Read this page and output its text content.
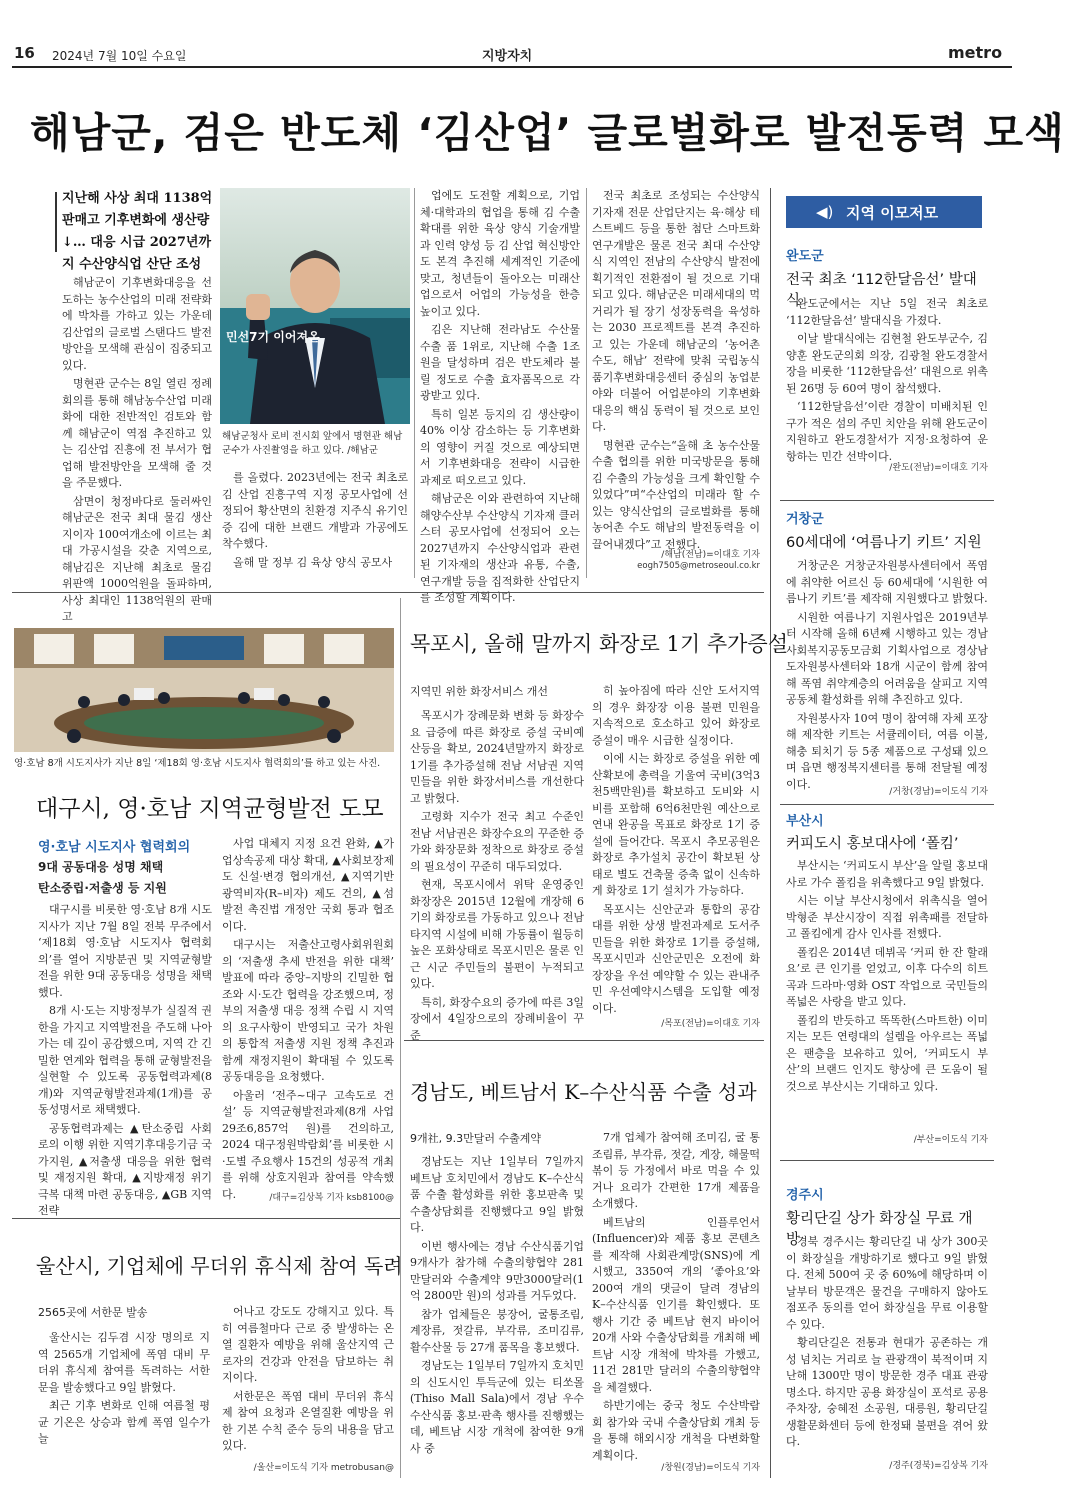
16 2024년 7월 10일 수요일	지방자치	metro
해남군, 검은 반도체 ‘김산업’ 글로벌화로 발전동력 모색
지난해 사상 최대 1138억 판매고 기후변화에 생산량↓… 대응 시급 2027년까지 수산양식업 산단 조성

해남군이 기후변화대응을 선도하는 농수산업의 미래 전략화에 박차를 가하고 있는 가운데 김산업의 글로벌 스탠다드 발전방안을 모색해 관심이 집중되고 있다.

명현관 군수는 8일 열린 정례회의를 통해 해남농수산업 미래화에 대한 전반적인 검토와 함께 해남군이 역점 추진하고 있는 김산업 진흥에 전 부서가 협업해 발전방안을 모색해 줄 것을 주문했다.

삼면이 청정바다로 둘러싸인 해남군은 전국 최대 물김 생산지이자 100여개소에 이르는 최대 가공시설을 갖춘 지역으로, 해남김은 지난해 최초로 물김 위판액 1000억원을 돌파하며, 사상 최대인 1138억원의 판매고

민선7기 이어져온
해남군청사 로비 전시회 앞에서 명현관 해남군수가 사진촬영을 하고 있다. /해남군

를 올렸다. 2023년에는 전국 최초로 김 산업 진흥구역 지정 공모사업에 선정되어 황산면의 친환경 지주식 유기인증 김에 대한 브랜드 개발과 가공에도 착수했다.

올해 말 정부 김 육상 양식 공모사

업에도 도전할 계획으로, 기업체·대학과의 협업을 통해 김 수출 확대를 위한 육상 양식 기술개발과 인력 양성 등 김 산업 혁신방안도 본격 추진해 세계적인 기준에 맞고, 청년들이 돌아오는 미래산업으로서 어업의 가능성을 한층 높이고 있다.

김은 지난해 전라남도 수산물 수출 품 1위로, 지난해 수출 1조원을 달성하며 검은 반도체라 불릴 정도로 수출 효자품목으로 각광받고 있다.

특히 일본 등지의 김 생산량이 40% 이상 감소하는 등 기후변화의 영향이 커질 것으로 예상되면서 기후변화대응 전략이 시급한 과제로 떠오르고 있다.

해남군은 이와 관련하여 지난해 해양수산부 수산양식 기자재 클러스터 공모사업에 선정되어 오는 2027년까지 수산양식업과 관련된 기자재의 생산과 유통, 수출, 연구개발 등을 집적화한 산업단지를 조성할 계획이다.

전국 최초로 조성되는 수산양식 기자재 전문 산업단지는 육·해상 테스트베드 등을 통한 첨단 스마트화 연구개발은 물론 전국 최대 수산양식 지역인 전남의 수산양식 발전에 획기적인 전환점이 될 것으로 기대되고 있다. 해남군은 미래세대의 먹거리가 될 장기 성장동력을 육성하는 2030 프로젝트를 본격 추진하고 있는 가운데 해남군의 ‘농어촌 수도, 해남’ 전략에 맞춰 국립농식품기후변화대응센터 중심의 농업분야와 더불어 어업분야의 기후변화대응의 핵심 동력이 될 것으로 보인다.

명현관 군수는“올해 초 농수산물 수출 협의를 위한 미국방문을 통해 김 수출의 가능성을 크게 확인할 수 있었다”며“수산업의 미래라 할 수 있는 양식산업의 글로벌화를 통해 농어촌 수도 해남의 발전동력을 이끌어내겠다”고 전했다.

/해남(전남)=이대호 기자
eogh7505@metroseoul.co.kr
◀) 지역 이모저모
완도군
전국 최초 ‘112한달음선’ 발대식

완도군에서는 지난 5일 전국 최초로 ‘112한달음선’ 발대식을 가졌다.

이날 발대식에는 김현철 완도부군수, 김양훈 완도군의회 의장, 김광철 완도경찰서장을 비롯한 ‘112한달음선’ 대원으로 위촉된 26명 등 60여 명이 참석했다.

‘112한달음선’이란 경찰이 미배치된 인구가 적은 섬의 주민 치안을 위해 완도군이 지원하고 완도경찰서가 지정·요청하여 운항하는 민간 선박이다.

/완도(전남)=이대호 기자
거창군
60세대에 ‘여름나기 키트’ 지원

거창군은 거창군자원봉사센터에서 폭염에 취약한 어르신 등 60세대에 ‘시원한 여름나기 키트’를 제작해 지원했다고 밝혔다.

시원한 여름나기 지원사업은 2019년부터 시작해 올해 6년째 시행하고 있는 경남사회복지공동모금회 기획사업으로 경상남도자원봉사센터와 18개 시군이 함께 참여해 폭염 취약계층의 어려움을 살피고 지역 공동체 활성화를 위해 추진하고 있다.

자원봉사자 10여 명이 참여해 자체 포장해 제작한 키트는 서큘레이터, 여름 이불, 해충 퇴치기 등 5종 제품으로 구성돼 있으며 읍면 행정복지센터를 통해 전달될 예정이다.

/거창(경남)=이도식 기자
부산시
커피도시 홍보대사에 ‘폴킴’

부산시는 ‘커피도시 부산’을 알릴 홍보대사로 가수 폴킴을 위촉했다고 9일 밝혔다.

시는 이날 부산시청에서 위촉식을 열어 박형준 부산시장이 직접 위촉패를 전달하고 폴킴에게 감사 인사를 전했다.

폴킴은 2014년 데뷔곡 ‘커피 한 잔 할래요’로 큰 인기를 얻었고, 이후 다수의 히트곡과 드라마·영화 OST 작업으로 국민들의 폭넓은 사랑을 받고 있다.

폴킴의 반듯하고 똑똑한(스마트한) 이미지는 모든 연령대의 설렘을 아우르는 폭넓은 팬층을 보유하고 있어, ‘커피도시 부산’의 브랜드 인지도 향상에 큰 도움이 될 것으로 부산시는 기대하고 있다.

/부산=이도식 기자
경주시
황리단길 상가 화장실 무료 개방

경북 경주시는 황리단길 내 상가 300곳이 화장실을 개방하기로 했다고 9일 밝혔다. 전체 500여 곳 중 60%에 해당하며 이날부터 방문객은 물건을 구매하지 않아도 점포주 동의를 얻어 화장실을 무료 이용할 수 있다.

황리단길은 전통과 현대가 공존하는 개성 넘치는 거리로 늘 관광객이 북적이며 지난해 1300만 명이 방문한 경주 대표 관광명소다. 하지만 공용 화장실이 포석로 공용주차장, 숭혜전 소공원, 대릉원, 황리단길 생활문화센터 등에 한정돼 불편을 겪어 왔다.

/경주(경북)=김상복 기자
영·호남 8개 시도지사가 지난 8일 ‘제18회 영·호남 시도지사 협력회의’를 하고 있는 사진.
대구시, 영·호남 지역균형발전 도모
영·호남 시도지사 협력회의
9대 공동대응 성명 채택
탄소중립·저출생 등 지원

대구시를 비롯한 영·호남 8개 시도지사가 지난 7월 8일 전북 무주에서 ‘제18회 영·호남 시도지사 협력회의’를 열어 지방분권 및 지역균형발전을 위한 9대 공동대응 성명을 채택했다.

8개 시·도는 지방정부가 실질적 권한을 가지고 지역발전을 주도해 나아가는 데 깊이 공감했으며, 지역 간 긴밀한 연계와 협력을 통해 균형발전을 실현할 수 있도록 공동협력과제(8개)와 지역균형발전과제(1개)를 공동성명서로 채택했다.

공동협력과제는 ▲탄소중립 사회로의 이행 위한 지역기후대응기금 국가지원, ▲저출생 대응을 위한 협력 및 재정지원 확대, ▲지방재정 위기 극복 대책 마련 공동대응, ▲GB 지역전략

사업 대체지 지정 요건 완화, ▲가업상속공제 대상 확대, ▲사회보장제도 신설·변경 협의개선, ▲지역기반 광역비자(R–비자) 제도 건의, ▲섬 발전 촉진법 개정안 국회 통과 협조이다.

대구시는 저출산고령사회위원회의 ‘저출생 추세 반전을 위한 대책’ 발표에 따라 중앙–지방의 긴밀한 협조와 시·도간 협력을 강조했으며, 정부의 저출생 대응 정책 수립 시 지역의 요구사항이 반영되고 국가 차원의 통합적 저출생 지원 정책 추진과 함께 재정지원이 확대될 수 있도록 공동대응을 요청했다.

아울러 ‘전주~대구 고속도로 건설’ 등 지역균형발전과제(8개 사업 29조6,857억 원)를 건의하고, 2024 대구정원박람회’를 비롯한 시·도별 주요행사 15건의 성공적 개최를 위해 상호지원과 참여를 약속했다.	/대구=김상복 기자 ksb8100@
목포시, 올해 말까지 화장로 1기 추가증설
지역민 위한 화장서비스 개선

목포시가 장례문화 변화 등 화장수요 급증에 따른 화장로 증설 국비예산등을 확보, 2024년말까지 화장로 1기를 추가증설해 전남 서남권 지역민들을 위한 화장서비스를 개선한다고 밝혔다.

고령화 지수가 전국 최고 수준인 전남 서남권은 화장수요의 꾸준한 증가와 화장문화 정착으로 화장로 증설의 필요성이 꾸준히 대두되었다.

현재, 목포시에서 위탁 운영중인 화장장은 2015년 12월에 개장해 6기의 화장로를 가동하고 있으나 전남 타지역 시설에 비해 가동률이 월등히 높은 포화상태로 목포시민은 물론 인근 시군 주민들의 불편이 누적되고 있다.

특히, 화장수요의 증가에 따른 3일장에서 4일장으로의 장례비율이 꾸준

히 높아짐에 따라 신안 도서지역의 경우 화장장 이용 불편 민원을 지속적으로 호소하고 있어 화장로 증설이 매우 시급한 실정이다.

이에 시는 화장로 증설을 위한 예산확보에 총력을 기울여 국비(3억3천5백만원)를 확보하고 도비와 시비를 포함해 6억6천만원 예산으로 연내 완공을 목표로 화장로 1기 증설에 들어간다. 목포시 추모공원은 화장로 추가설치 공간이 확보된 상태로 별도 건축물 증축 없이 신속하게 화장로 1기 설치가 가능하다.

목포시는 신안군과 통합의 공감대를 위한 상생 발전과제로 도서주민들을 위한 화장로 1기를 증설해, 목포시민과 신안군민은 오전에 화장장을 우선 예약할 수 있는 관내주민 우선예약시스템을 도입할 예정이다.

/목포(전남)=이대호 기자
경남도, 베트남서 K–수산식품 수출 성과
9개社, 9.3만달러 수출계약

경남도는 지난 1일부터 7일까지 베트남 호치민에서 경남도 K–수산식품 수출 활성화를 위한 홍보판촉 및 수출상담회를 진행했다고 9일 밝혔다.

이번 행사에는 경남 수산식품기업 9개사가 참가해 수출의향협약 281만달러와 수출계약 9만3000달러(1억 2800만 원)의 성과를 거두었다.

참가 업체들은 붕장어, 굴통조림, 계장류, 젓갈류, 부각류, 조미김류, 활수산물 등 27개 품목을 홍보했다.

경남도는 1일부터 7일까지 호치민의 신도시인 투득군에 있는 티쏘몰(Thiso Mall Sala)에서 경남 우수 수산식품 홍보·판촉 행사를 진행했는데, 베트남 시장 개척에 참여한 9개 사 중

7개 업체가 참여해 조미김, 굴 통조림류, 부각류, 젓갈, 게장, 해물떡볶이 등 가정에서 바로 먹을 수 있거나 요리가 간편한 17개 제품을 소개했다.

베트남의 인플루언서(Influencer)와 제품 홍보 콘텐츠를 제작해 사회관계망(SNS)에 게시했고, 3350여 개의 ‘좋아요’와 200여 개의 댓글이 달려 경남의 K–수산식품 인기를 확인했다. 또 행사 기간 중 베트남 현지 바이어 20개 사와 수출상담회를 개최해 베트남 시장 개척에 박차를 가했고, 11건 281만 달러의 수출의향협약을 체결했다.

하반기에는 중국 청도 수산박람회 참가와 국내 수출상담회 개최 등을 통해 해외시장 개척을 다변화할 계획이다.

/창원(경남)=이도식 기자
울산시, 기업체에 무더위 휴식제 참여 독려
2565곳에 서한문 발송

울산시는 김두겸 시장 명의로 지역 2565개 기업체에 폭염 대비 무더위 휴식제 참여를 독려하는 서한문을 발송했다고 9일 밝혔다.

최근 기후 변화로 인해 여름철 평균 기온은 상승과 함께 폭염 일수가 늘

어나고 강도도 강해지고 있다. 특히 여름철마다 근로 중 발생하는 온열 질환자 예방을 위해 울산지역 근로자의 건강과 안전을 담보하는 취지이다.

서한문은 폭염 대비 무더위 휴식제 참여 요청과 온열질환 예방을 위한 기본 수칙 준수 등의 내용을 담고 있다.

/울산=이도식 기자 metrobusan@
